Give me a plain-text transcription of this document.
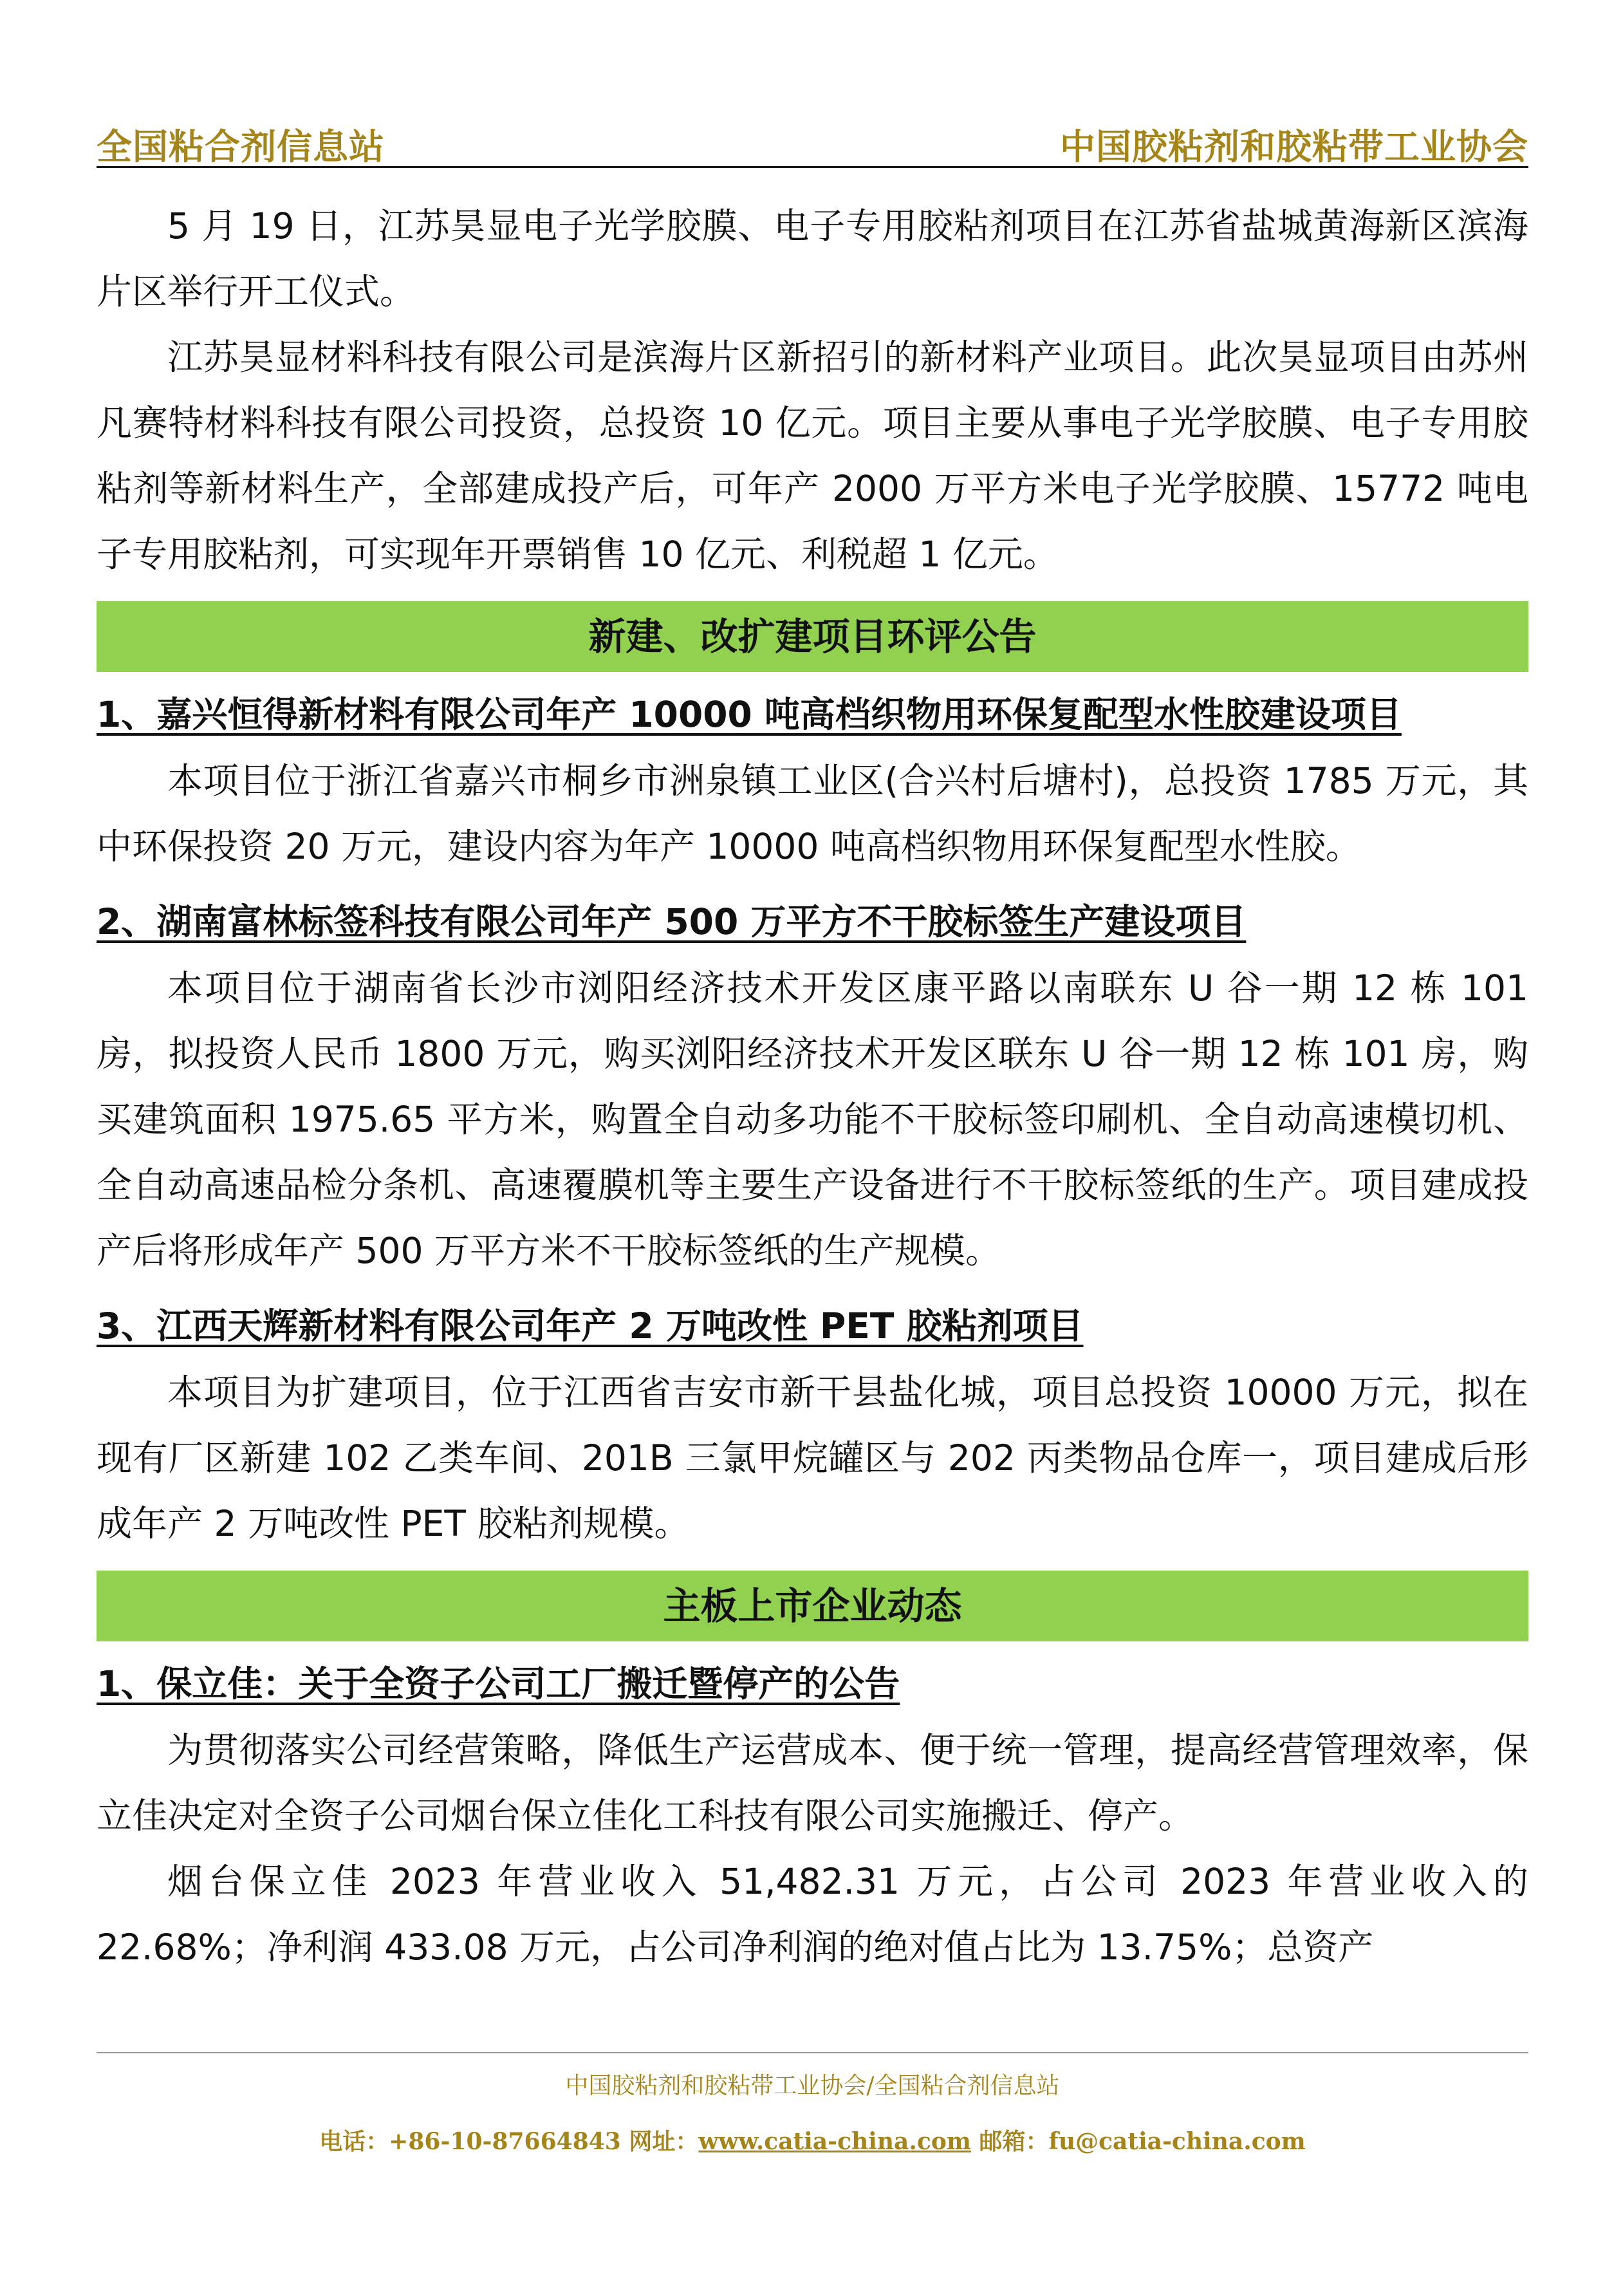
全国粘合剂信息站	中国胶粘剂和胶粘带工业协会

5 月 19 日，江苏昊显电子光学胶膜、电子专用胶粘剂项目在江苏省盐城黄海新区滨海片区举行开工仪式。

江苏昊显材料科技有限公司是滨海片区新招引的新材料产业项目。此次昊显项目由苏州凡赛特材料科技有限公司投资，总投资 10 亿元。项目主要从事电子光学胶膜、电子专用胶粘剂等新材料生产，全部建成投产后，可年产 2000 万平方米电子光学胶膜、15772 吨电子专用胶粘剂，可实现年开票销售 10 亿元、利税超 1 亿元。

新建、改扩建项目环评公告
1、嘉兴恒得新材料有限公司年产 10000 吨高档织物用环保复配型水性胶建设项目

本项目位于浙江省嘉兴市桐乡市洲泉镇工业区(合兴村后塘村)，总投资 1785 万元，其中环保投资 20 万元，建设内容为年产 10000 吨高档织物用环保复配型水性胶。

2、湖南富林标签科技有限公司年产 500 万平方不干胶标签生产建设项目

本项目位于湖南省长沙市浏阳经济技术开发区康平路以南联东 U 谷一期 12 栋 101 房，拟投资人民币 1800 万元，购买浏阳经济技术开发区联东 U 谷一期 12 栋 101 房，购买建筑面积 1975.65 平方米，购置全自动多功能不干胶标签印刷机、全自动高速模切机、全自动高速品检分条机、高速覆膜机等主要生产设备进行不干胶标签纸的生产。项目建成投产后将形成年产 500 万平方米不干胶标签纸的生产规模。

3、江西天辉新材料有限公司年产 2 万吨改性 PET 胶粘剂项目

本项目为扩建项目，位于江西省吉安市新干县盐化城，项目总投资 10000 万元，拟在现有厂区新建 102 乙类车间、201B 三氯甲烷罐区与 202 丙类物品仓库一，项目建成后形成年产 2 万吨改性 PET 胶粘剂规模。

主板上市企业动态
1、保立佳：关于全资子公司工厂搬迁暨停产的公告

为贯彻落实公司经营策略，降低生产运营成本、便于统一管理，提高经营管理效率，保立佳决定对全资子公司烟台保立佳化工科技有限公司实施搬迁、停产。

烟台保立佳 2023 年营业收入 51,482.31 万元，占公司 2023 年营业收入的 22.68%；净利润 433.08 万元，占公司净利润的绝对值占比为 13.75%；总资产

中国胶粘剂和胶粘带工业协会/全国粘合剂信息站
电话：+86-10-87664843 网址：www.catia-china.com 邮箱：fu@catia-china.com
